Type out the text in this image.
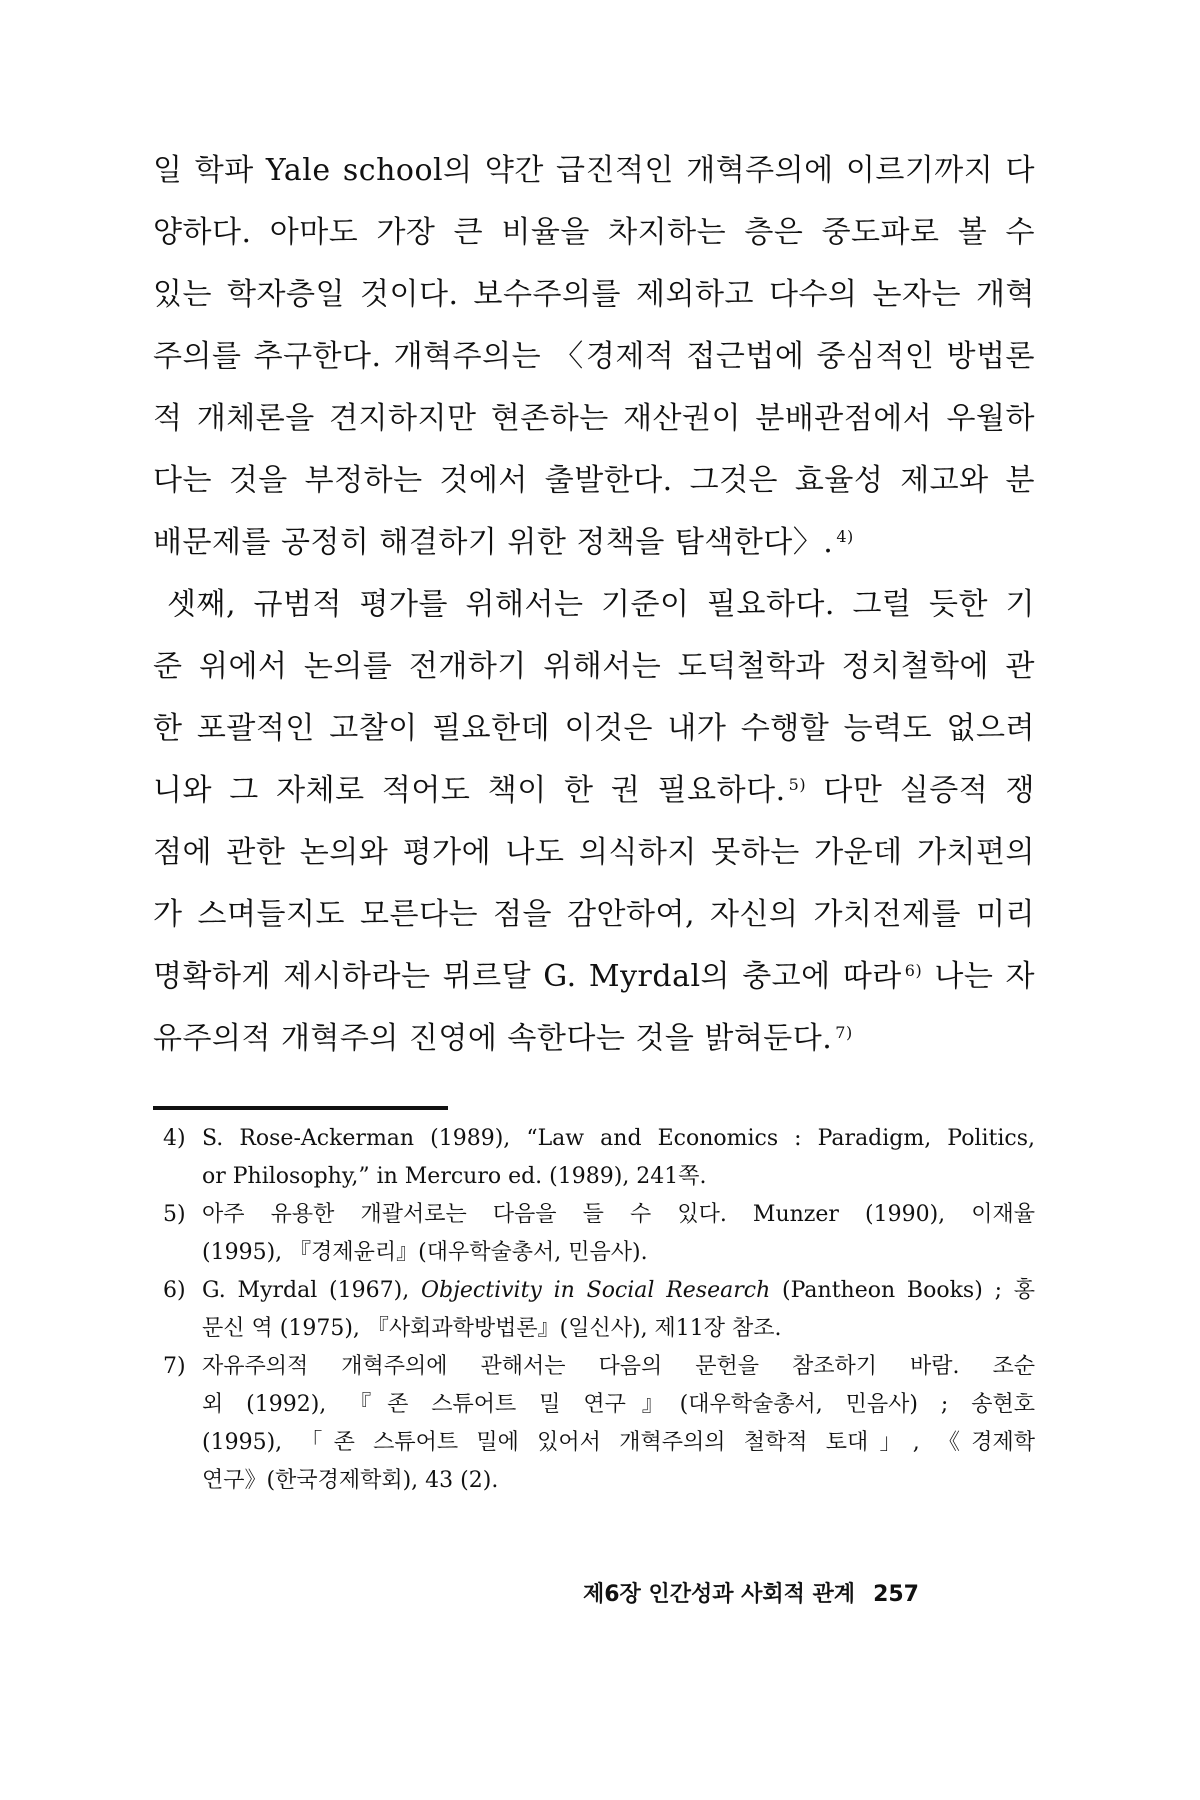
일 학파 Yale school의 약간 급진적인 개혁주의에 이르기까지 다
양하다. 아마도 가장 큰 비율을 차지하는 층은 중도파로 볼 수
있는 학자층일 것이다. 보수주의를 제외하고 다수의 논자는 개혁
주의를 추구한다. 개혁주의는 〈경제적 접근법에 중심적인 방법론
적 개체론을 견지하지만 현존하는 재산권이 분배관점에서 우월하
다는 것을 부정하는 것에서 출발한다. 그것은 효율성 제고와 분
배문제를 공정히 해결하기 위한 정책을 탐색한다〉. $^{4)}$
셋째, 규범적 평가를 위해서는 기준이 필요하다. 그럴 듯한 기
준 위에서 논의를 전개하기 위해서는 도덕철학과 정치철학에 관
한 포괄적인 고찰이 필요한데 이것은 내가 수행할 능력도 없으려
니와 그 자체로 적어도 책이 한 권 필요하다. $^{5)}$ 다만 실증적 쟁
점에 관한 논의와 평가에 나도 의식하지 못하는 가운데 가치편의
가 스며들지도 모른다는 점을 감안하여, 자신의 가치전제를 미리
명확하게 제시하라는 뮈르달 G. Myrdal의 충고에 따라 $^{6)}$ 나는 자
유주의적 개혁주의 진영에 속한다는 것을 밝혀둔다. $^{7)}$
4) S. Rose-Ackerman (1989), “Law and Economics : Paradigm, Politics,
or Philosophy,” in Mercuro ed. (1989), 241쪽.
5) 아주 유용한 개괄서로는 다음을 들 수 있다. Munzer (1990), 이재율
(1995), 『경제윤리』(대우학술총서, 민음사).
6) G. Myrdal (1967), Objectivity in Social Research (Pantheon Books) ; 홍
문신 역 (1975), 『사회과학방법론』(일신사), 제11장 참조.
7) 자유주의적 개혁주의에 관해서는 다음의 문헌을 참조하기 바람. 조순
외 (1992), 『존 스튜어트 밀 연구』(대우학술총서, 민음사) ; 송현호
(1995), 「존 스튜어트 밀에 있어서 개혁주의의 철학적 토대」, 《경제학
연구》(한국경제학회), 43 (2).
제6장 인간성과 사회적 관계 257
